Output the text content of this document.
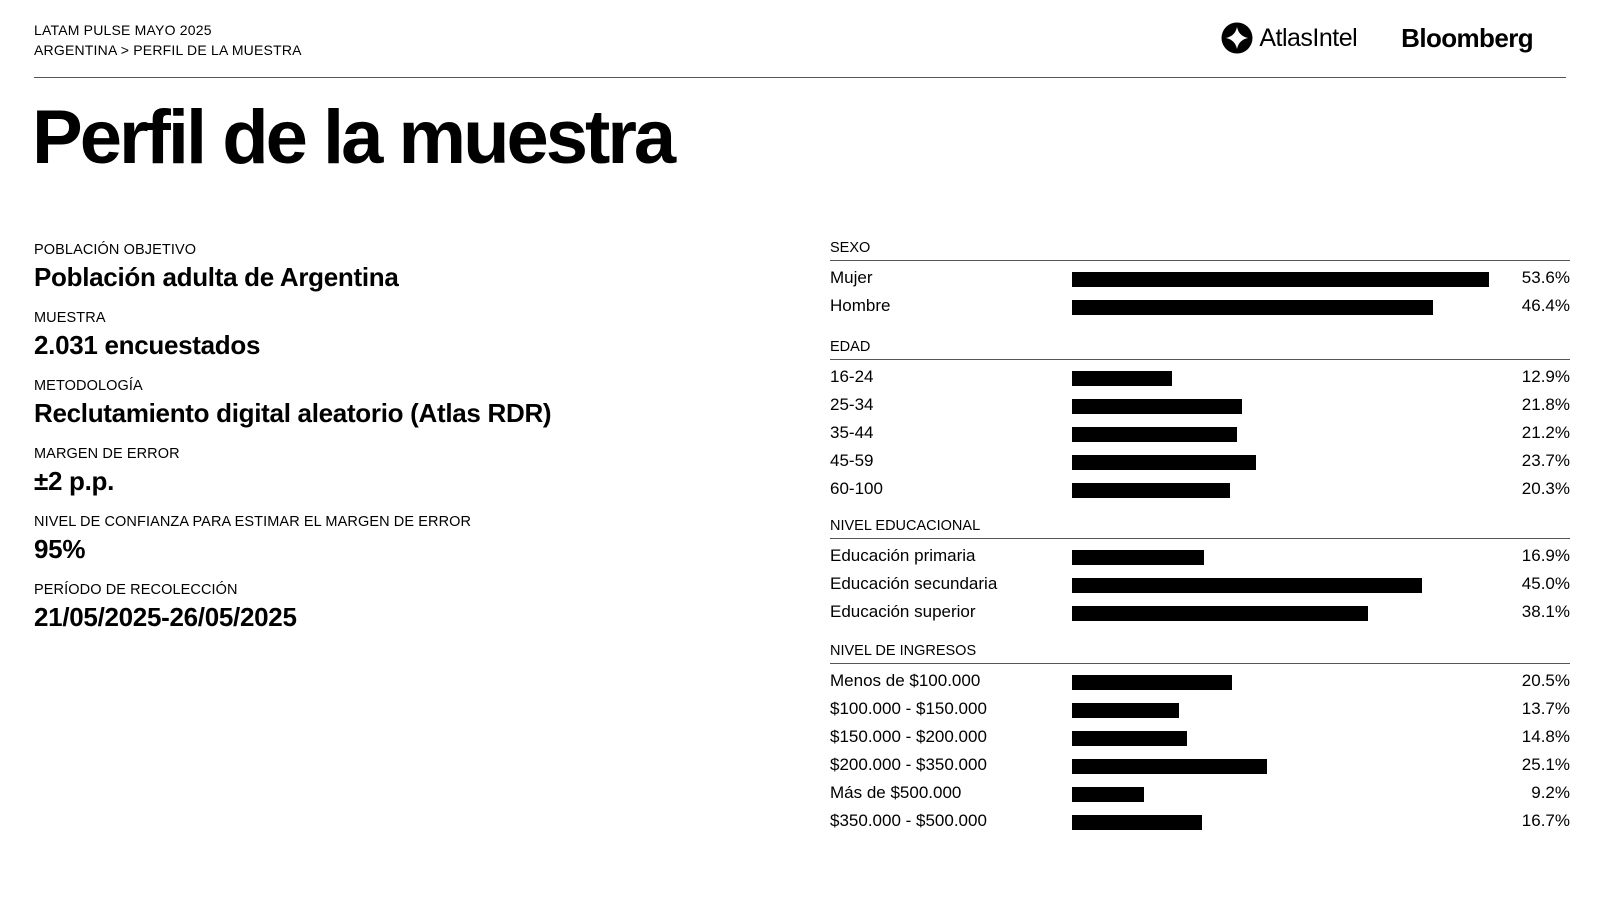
LATAM PULSE MAYO 2025
ARGENTINA > PERFIL DE LA MUESTRA	AtlasIntel Bloomberg
Perfil de la muestra
POBLACIÓN OBJETIVO
Población adulta de Argentina
MUESTRA
2.031 encuestados
METODOLOGÍA
Reclutamiento digital aleatorio (Atlas RDR)
MARGEN DE ERROR
±2 p.p.
NIVEL DE CONFIANZA PARA ESTIMAR EL MARGEN DE ERROR
95%
PERÍODO DE RECOLECCIÓN
21/05/2025-26/05/2025
SEXO
Mujer	53.6%
Hombre	46.4%
EDAD
16-24	12.9%
25-34	21.8%
35-44	21.2%
45-59	23.7%
60-100	20.3%
NIVEL EDUCACIONAL
Educación primaria	16.9%
Educación secundaria	45.0%
Educación superior	38.1%
NIVEL DE INGRESOS
Menos de $100.000	20.5%
$100.000 - $150.000	13.7%
$150.000 - $200.000	14.8%
$200.000 - $350.000	25.1%
Más de $500.000	9.2%
$350.000 - $500.000	16.7%
